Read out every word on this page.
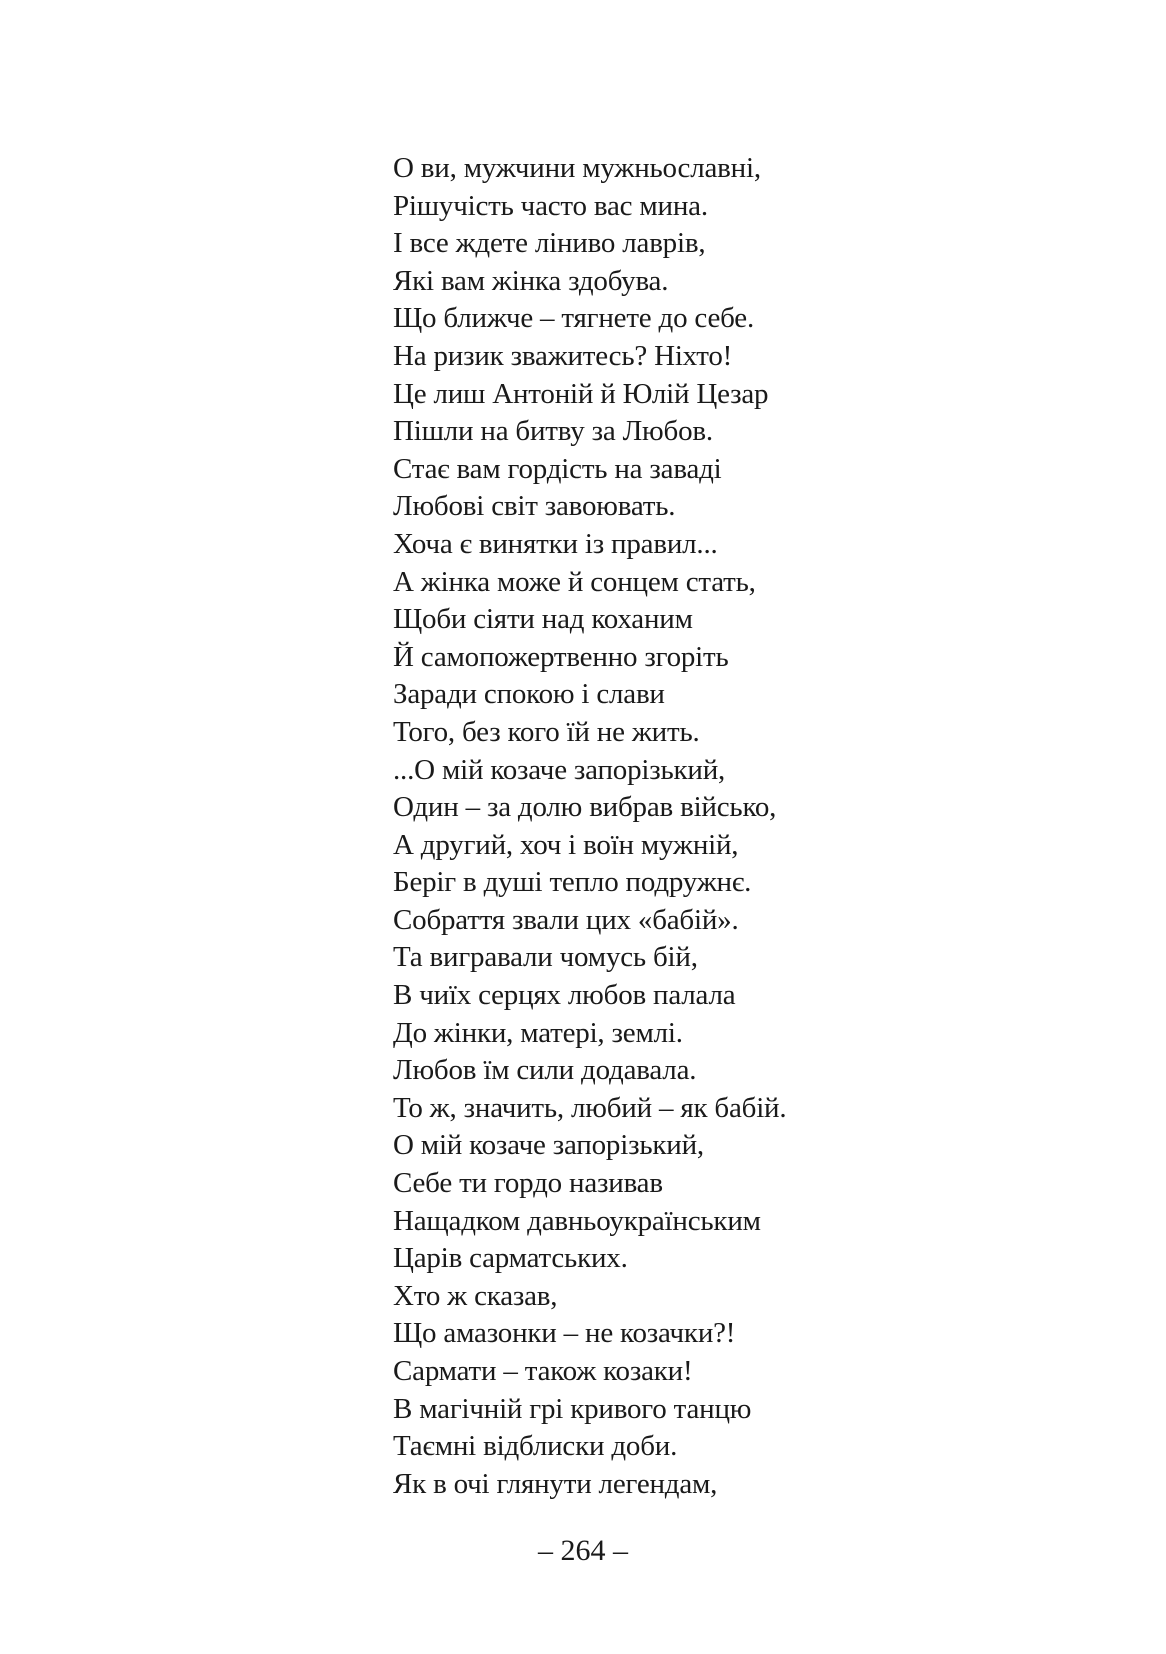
О ви, мужчини мужньославні,
Рішучість часто вас мина.
І все ждете ліниво лаврів,
Які вам жінка здобува.
Що ближче – тягнете до себе.
На ризик зважитесь? Ніхто!
Це лиш Антоній й Юлій Цезар
Пішли на битву за Любов.
Стає вам гордість на заваді
Любові світ завоювать.
Хоча є винятки із правил...
А жінка може й сонцем стать,
Щоби сіяти над коханим
Й самопожертвенно згоріть
Заради спокою і слави
Того, без кого їй не жить.
...О мій козаче запорізький,
Один – за долю вибрав військо,
А другий, хоч і воїн мужній,
Беріг в душі тепло подружнє.
Собраття звали цих «бабій».
Та вигравали чомусь бій,
В чиїх серцях любов палала
До жінки, матері, землі.
Любов їм сили додавала.
То ж, значить, любий – як бабій.
О мій козаче запорізький,
Себе ти гордо називав
Нащадком давньоукраїнським
Царів сарматських.
Хто ж сказав,
Що амазонки – не козачки?!
Сармати – також козаки!
В магічній грі кривого танцю
Таємні відблиски доби.
Як в очі глянути легендам,
– 264 –
